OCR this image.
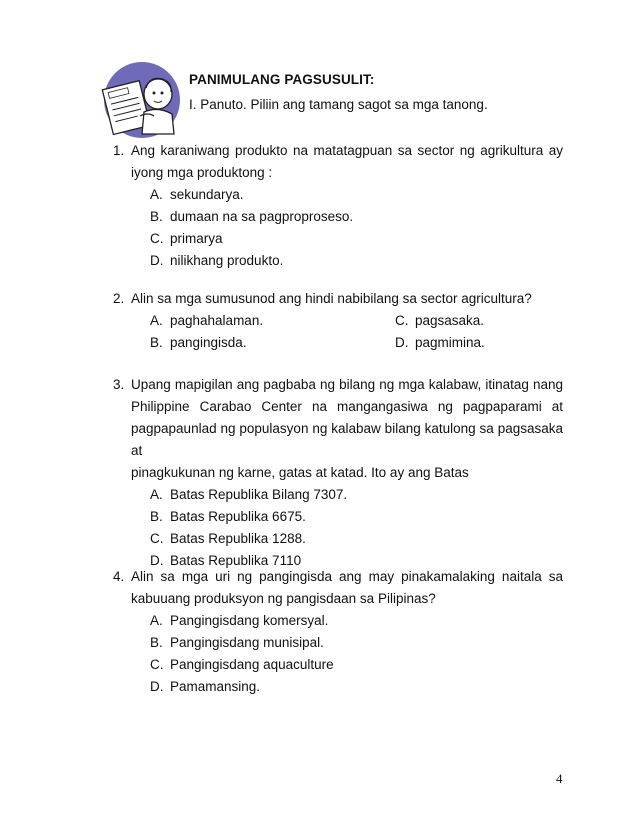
PANIMULANG PAGSUSULIT:
I. Panuto. Piliin ang tamang sagot sa mga tanong.
1. Ang karaniwang produkto na matatagpuan sa sector ng agrikultura ay iyong mga produktong :
A. sekundarya.
B. dumaan na sa pagproproseso.
C. primarya
D. nilikhang produkto.
2. Alin sa mga sumusunod ang hindi nabibilang sa sector agricultura?
A. paghahalaman.	C. pagsasaka.
B. pangingisda.	D. pagmimina.
3. Upang mapigilan ang pagbaba ng bilang ng mga kalabaw, itinatag nang
Philippine Carabao Center na mangangasiwa ng pagpaparami at
pagpapaunlad ng populasyon ng kalabaw bilang katulong sa pagsasaka at
pinagkukunan ng karne, gatas at katad. Ito ay ang Batas
A. Batas Republika Bilang 7307.
B. Batas Republika 6675.
C. Batas Republika 1288.
D. Batas Republika 7110
4. Alin sa mga uri ng pangingisda ang may pinakamalaking naitala sa kabuuang produksyon ng pangisdaan sa Pilipinas?
A. Pangingisdang komersyal.
B. Pangingisdang munisipal.
C. Pangingisdang aquaculture
D. Pamamansing.
4
